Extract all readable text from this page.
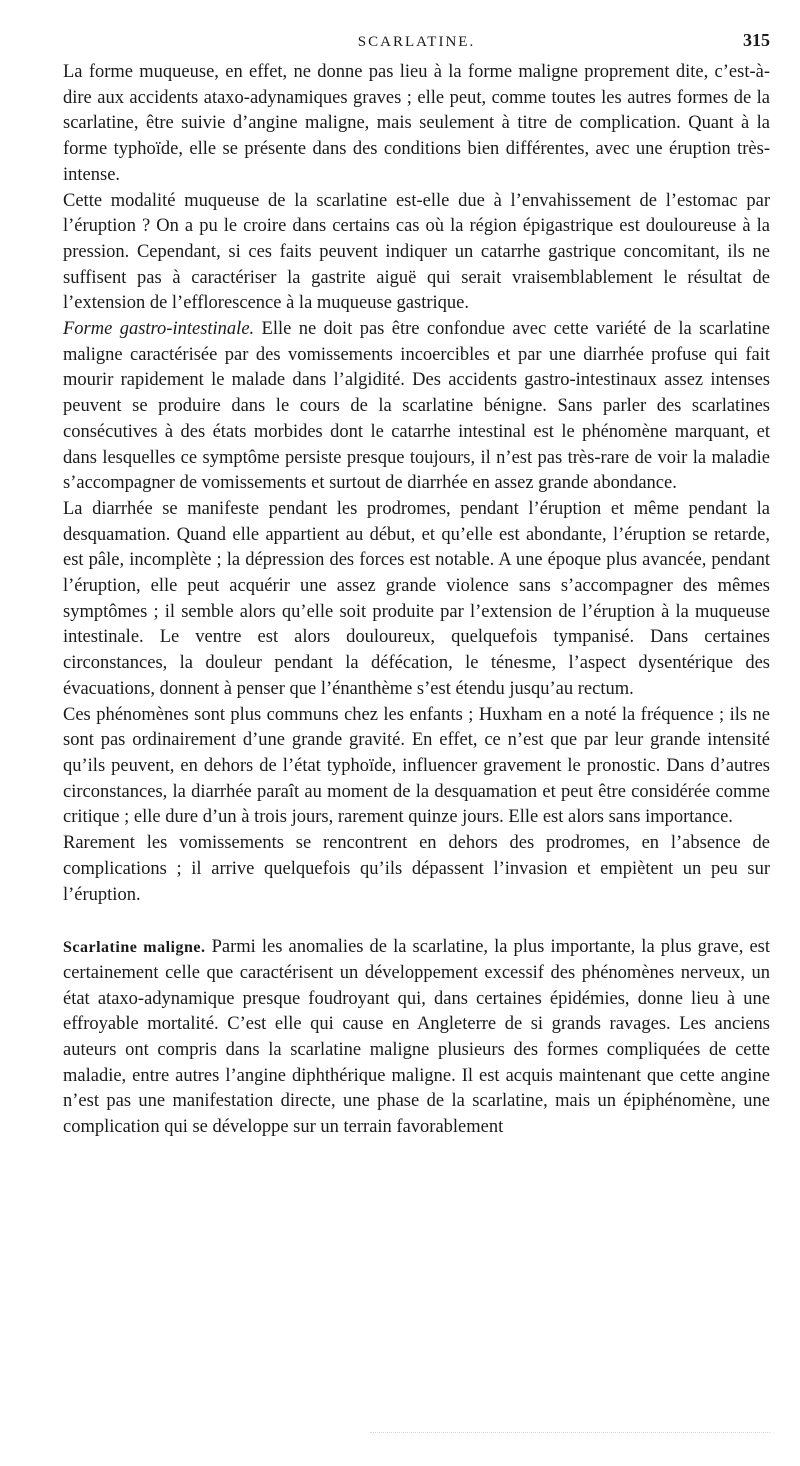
SCARLATINE.	315

La forme muqueuse, en effet, ne donne pas lieu à la forme maligne proprement dite, c’est-à-dire aux accidents ataxo-adynamiques graves ; elle peut, comme toutes les autres formes de la scarlatine, être suivie d’angine maligne, mais seulement à titre de complication. Quant à la forme typhoïde, elle se présente dans des conditions bien différentes, avec une éruption très-intense.

Cette modalité muqueuse de la scarlatine est-elle due à l’envahissement de l’estomac par l’éruption ? On a pu le croire dans certains cas où la région épigastrique est douloureuse à la pression. Cependant, si ces faits peuvent indiquer un catarrhe gastrique concomitant, ils ne suffisent pas à caractériser la gastrite aiguë qui serait vraisemblablement le résultat de l’extension de l’efflorescence à la muqueuse gastrique.

Forme gastro-intestinale. Elle ne doit pas être confondue avec cette variété de la scarlatine maligne caractérisée par des vomissements incoercibles et par une diarrhée profuse qui fait mourir rapidement le malade dans l’algidité. Des accidents gastro-intestinaux assez intenses peuvent se produire dans le cours de la scarlatine bénigne. Sans parler des scarlatines consécutives à des états morbides dont le catarrhe intestinal est le phénomène marquant, et dans lesquelles ce symptôme persiste presque toujours, il n’est pas très-rare de voir la maladie s’accompagner de vomissements et surtout de diarrhée en assez grande abondance.

La diarrhée se manifeste pendant les prodromes, pendant l’éruption et même pendant la desquamation. Quand elle appartient au début, et qu’elle est abondante, l’éruption se retarde, est pâle, incomplète ; la dépression des forces est notable. A une époque plus avancée, pendant l’éruption, elle peut acquérir une assez grande violence sans s’accompagner des mêmes symptômes ; il semble alors qu’elle soit produite par l’extension de l’éruption à la muqueuse intestinale. Le ventre est alors douloureux, quelquefois tympanisé. Dans certaines circonstances, la douleur pendant la défécation, le ténesme, l’aspect dysentérique des évacuations, donnent à penser que l’énanthème s’est étendu jusqu’au rectum.

Ces phénomènes sont plus communs chez les enfants ; Huxham en a noté la fréquence ; ils ne sont pas ordinairement d’une grande gravité. En effet, ce n’est que par leur grande intensité qu’ils peuvent, en dehors de l’état typhoïde, influencer gravement le pronostic. Dans d’autres circonstances, la diarrhée paraît au moment de la desquamation et peut être considérée comme critique ; elle dure d’un à trois jours, rarement quinze jours. Elle est alors sans importance.

Rarement les vomissements se rencontrent en dehors des prodromes, en l’absence de complications ; il arrive quelquefois qu’ils dépassent l’invasion et empiètent un peu sur l’éruption.

Scarlatine maligne. Parmi les anomalies de la scarlatine, la plus importante, la plus grave, est certainement celle que caractérisent un développement excessif des phénomènes nerveux, un état ataxo-adynamique presque foudroyant qui, dans certaines épidémies, donne lieu à une effroyable mortalité. C’est elle qui cause en Angleterre de si grands ravages. Les anciens auteurs ont compris dans la scarlatine maligne plusieurs des formes compliquées de cette maladie, entre autres l’angine diphthérique maligne. Il est acquis maintenant que cette angine n’est pas une manifestation directe, une phase de la scarlatine, mais un épiphénomène, une complication qui se développe sur un terrain favorablement
